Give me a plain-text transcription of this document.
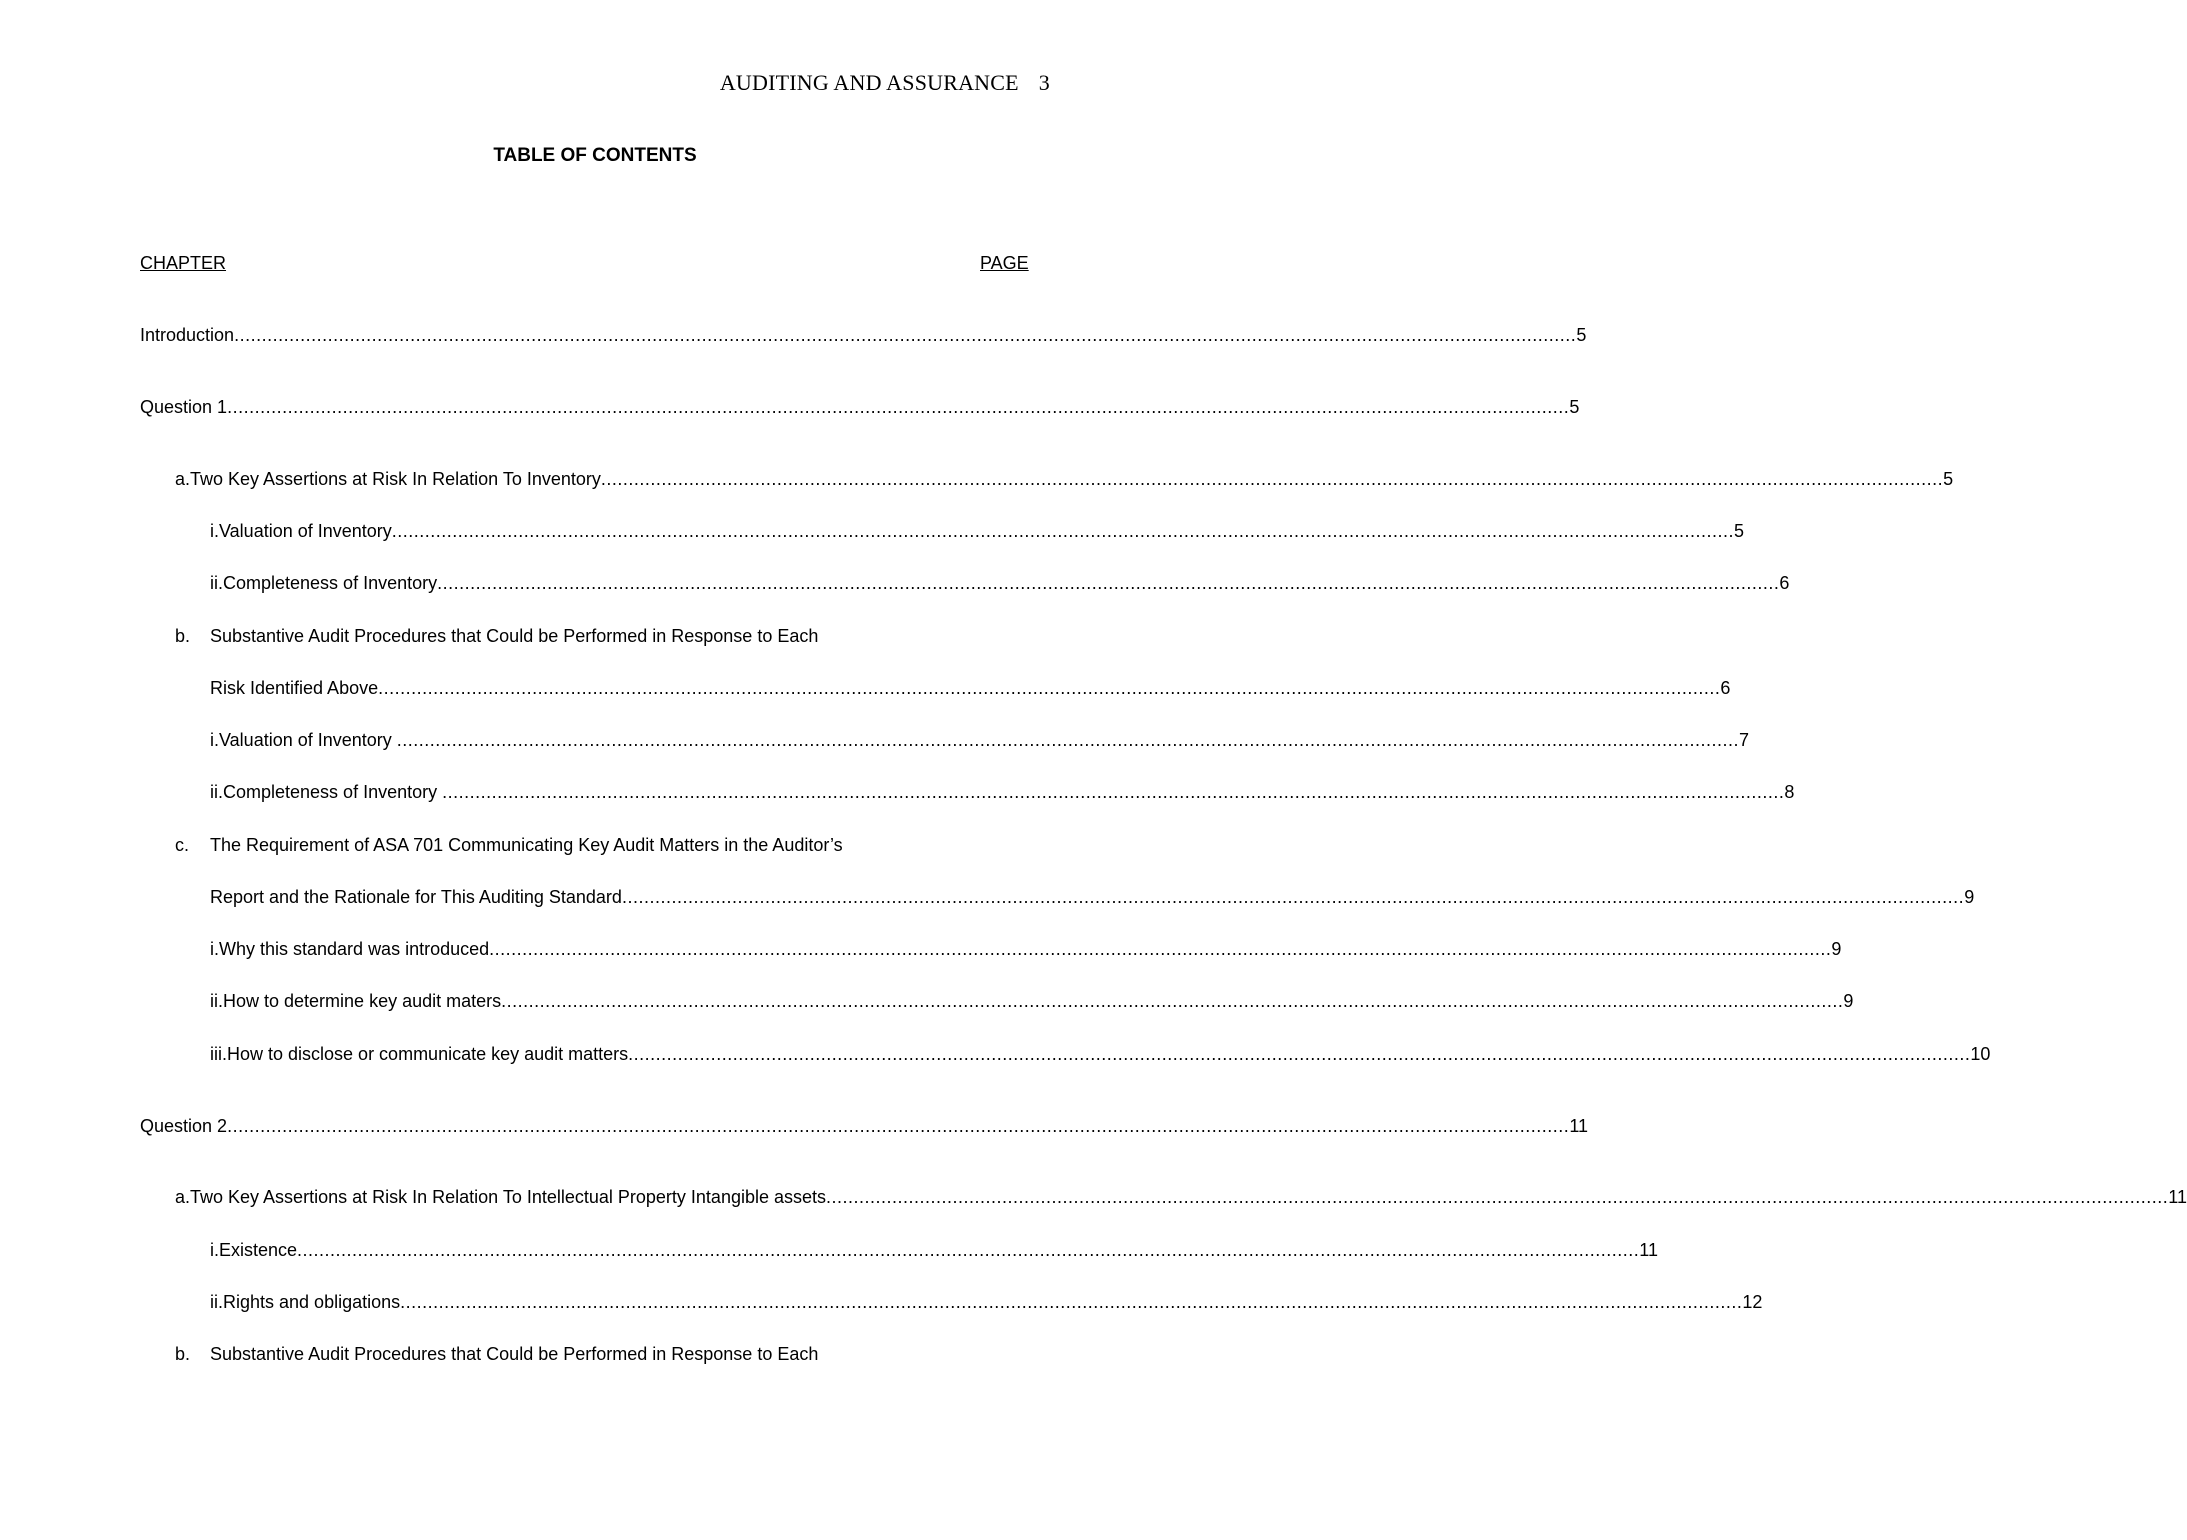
AUDITING AND ASSURANCE 3
TABLE OF CONTENTS
CHAPTER	PAGE
Introduction .................................................................................................................................................................................................................................................... 5
Question 1 .................................................................................................................................................................................................................................................... 5
a. Two Key Assertions at Risk In Relation To Inventory .................................................................................................................................................................................................................................................... 5
i. Valuation of Inventory .................................................................................................................................................................................................................................................... 5
ii. Completeness of Inventory .................................................................................................................................................................................................................................................... 6
b. Substantive Audit Procedures that Could be Performed in Response to Each
Risk Identified Above .................................................................................................................................................................................................................................................... 6
i. Valuation of Inventory .................................................................................................................................................................................................................................................... 7
ii. Completeness of Inventory .................................................................................................................................................................................................................................................... 8
c. The Requirement of ASA 701 Communicating Key Audit Matters in the Auditor’s
Report and the Rationale for This Auditing Standard .................................................................................................................................................................................................................................................... 9
i. Why this standard was introduced .................................................................................................................................................................................................................................................... 9
ii. How to determine key audit maters .................................................................................................................................................................................................................................................... 9
iii. How to disclose or communicate key audit matters .................................................................................................................................................................................................................................................... 10
Question 2 .................................................................................................................................................................................................................................................... 11
a. Two Key Assertions at Risk In Relation To Intellectual Property Intangible assets .................................................................................................................................................................................................................................................... 11
i. Existence .................................................................................................................................................................................................................................................... 11
ii. Rights and obligations .................................................................................................................................................................................................................................................... 12
b. Substantive Audit Procedures that Could be Performed in Response to Each
